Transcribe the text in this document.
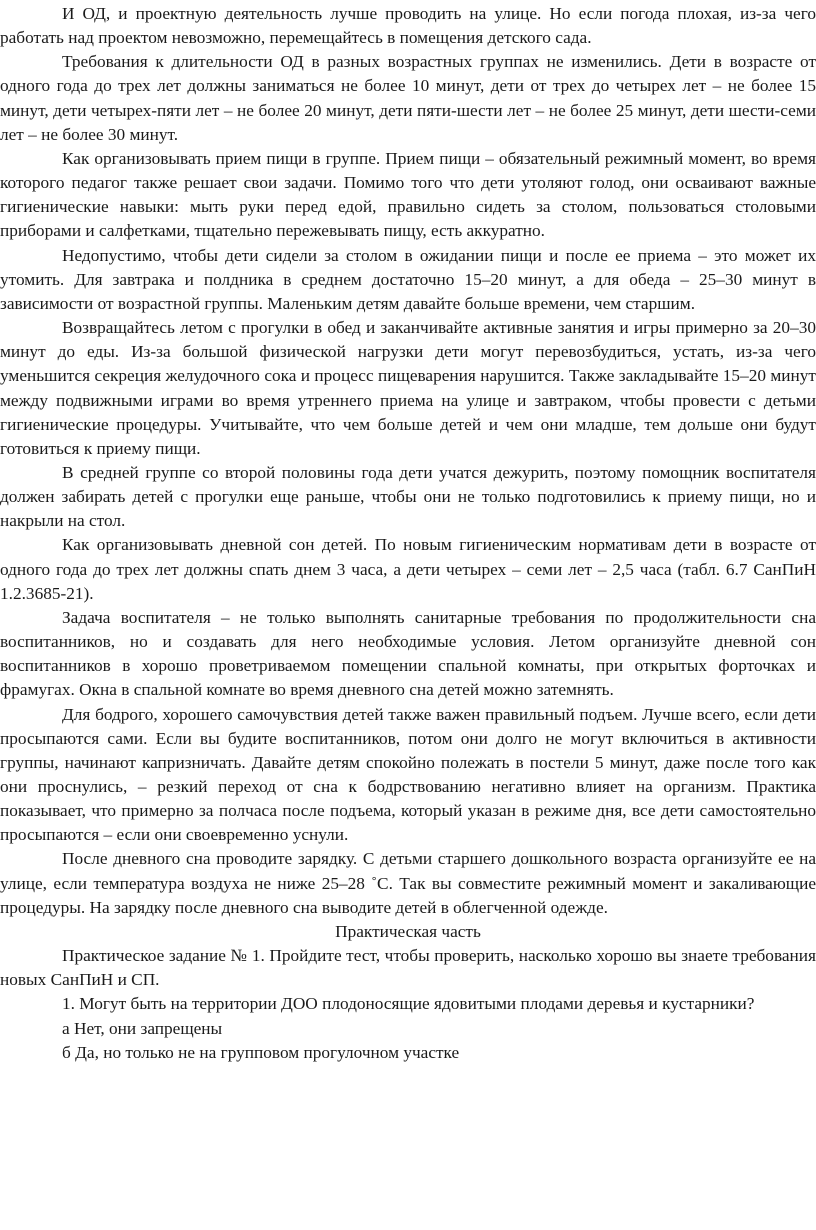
И ОД, и проектную деятельность лучше проводить на улице. Но если погода плохая, из-за чего работать над проектом невозможно, перемещайтесь в помещения детского сада.

Требования к длительности ОД в разных возрастных группах не изменились. Дети в возрасте от одного года до трех лет должны заниматься не более 10 минут, дети от трех до четырех лет – не более 15 минут, дети четырех-пяти лет – не более 20 минут, дети пяти-шести лет – не более 25 минут, дети шести-семи лет – не более 30 минут.

Как организовывать прием пищи в группе. Прием пищи – обязательный режимный момент, во время которого педагог также решает свои задачи. Помимо того что дети утоляют голод, они осваивают важные гигиенические навыки: мыть руки перед едой, правильно сидеть за столом, пользоваться столовыми приборами и салфетками, тщательно пережевывать пищу, есть аккуратно.

Недопустимо, чтобы дети сидели за столом в ожидании пищи и после ее приема – это может их утомить. Для завтрака и полдника в среднем достаточно 15–20 минут, а для обеда – 25–30 минут в зависимости от возрастной группы. Маленьким детям давайте больше времени, чем старшим.

Возвращайтесь летом с прогулки в обед и заканчивайте активные занятия и игры примерно за 20–30 минут до еды. Из-за большой физической нагрузки дети могут перевозбудиться, устать, из-за чего уменьшится секреция желудочного сока и процесс пищеварения нарушится. Также закладывайте 15–20 минут между подвижными играми во время утреннего приема на улице и завтраком, чтобы провести с детьми гигиенические процедуры. Учитывайте, что чем больше детей и чем они младше, тем дольше они будут готовиться к приему пищи.

В средней группе со второй половины года дети учатся дежурить, поэтому помощник воспитателя должен забирать детей с прогулки еще раньше, чтобы они не только подготовились к приему пищи, но и накрыли на стол.

Как организовывать дневной сон детей. По новым гигиеническим нормативам дети в возрасте от одного года до трех лет должны спать днем 3 часа, а дети четырех – семи лет – 2,5 часа (табл. 6.7 СанПиН 1.2.3685-21).

Задача воспитателя – не только выполнять санитарные требования по продолжительности сна воспитанников, но и создавать для него необходимые условия. Летом организуйте дневной сон воспитанников в хорошо проветриваемом помещении спальной комнаты, при открытых форточках и фрамугах. Окна в спальной комнате во время дневного сна детей можно затемнять.

Для бодрого, хорошего самочувствия детей также важен правильный подъем. Лучше всего, если дети просыпаются сами. Если вы будите воспитанников, потом они долго не могут включиться в активности группы, начинают капризничать. Давайте детям спокойно полежать в постели 5 минут, даже после того как они проснулись, – резкий переход от сна к бодрствованию негативно влияет на организм. Практика показывает, что примерно за полчаса после подъема, который указан в режиме дня, все дети самостоятельно просыпаются – если они своевременно уснули.

После дневного сна проводите зарядку. С детьми старшего дошкольного возраста организуйте ее на улице, если температура воздуха не ниже 25–28 ˚С. Так вы совместите режимный момент и закаливающие процедуры. На зарядку после дневного сна выводите детей в облегченной одежде.

Практическая часть

Практическое задание № 1. Пройдите тест, чтобы проверить, насколько хорошо вы знаете требования новых СанПиН и СП.

1. Могут быть на территории ДОО плодоносящие ядовитыми плодами деревья и кустарники?

а Нет, они запрещены

б Да, но только не на групповом прогулочном участке
